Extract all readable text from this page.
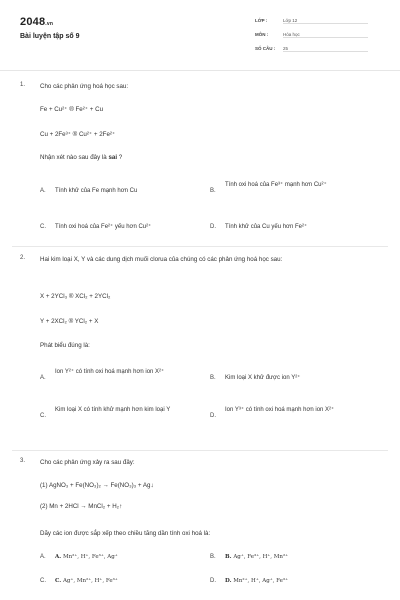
2048.vn
Bài luyện tập số 9
LỚP :	Lớp 12
MÔN :	Hóa học
SỐ CÂU : 25
1. Cho các phản ứng hoá học sau:
Fe + Cu²⁺ ® Fe²⁺ + Cu
Cu + 2Fe³⁺ ® Cu²⁺ + 2Fe²⁺
Nhận xét nào sau đây là sai ?
A. Tính khử của Fe mạnh hơn Cu	B.
Tính oxi hoá của Fe³⁺ mạnh hơn Cu²⁺
C. Tính oxi hoá của Fe²⁺ yếu hơn Cu²⁺	D. Tính khử của Cu yếu hơn Fe²⁺
2. Hai kim loại X, Y và các dung dịch muối clorua của chúng có các phản ứng hoá học sau:
X + 2YCl₃ ® XCl₂ + 2YCl₂
Y + 2XCl₂ ® YCl₂ + X
Phát biểu đúng là:
A.
Ion Y²⁺ có tính oxi hoá mạnh hơn ion X²⁺
B. Kim loại X khử được ion Y²⁺
C.
Kim loại X có tính khử mạnh hơn kim loại Y
D.
Ion Y³⁺ có tính oxi hoá mạnh hơn ion X²⁺
3. Cho các phản ứng xảy ra sau đây:
(1) AgNO₃ + Fe(NO₃)₂ → Fe(NO₃)₃ + Ag↓
(2) Mn + 2HCl → MnCl₂ + H₂↑
Dãy các ion được sắp xếp theo chiều tăng dần tính oxi hoá là:
A. A. Mn²⁺, H⁺, Fe³⁺, Ag⁺	B. B. Ag⁺, Fe³⁺, H⁺, Mn²⁺
C. C. Ag⁺, Mn²⁺, H⁺, Fe³⁺	D. D. Mn²⁺, H⁺, Ag⁺, Fe³⁺
